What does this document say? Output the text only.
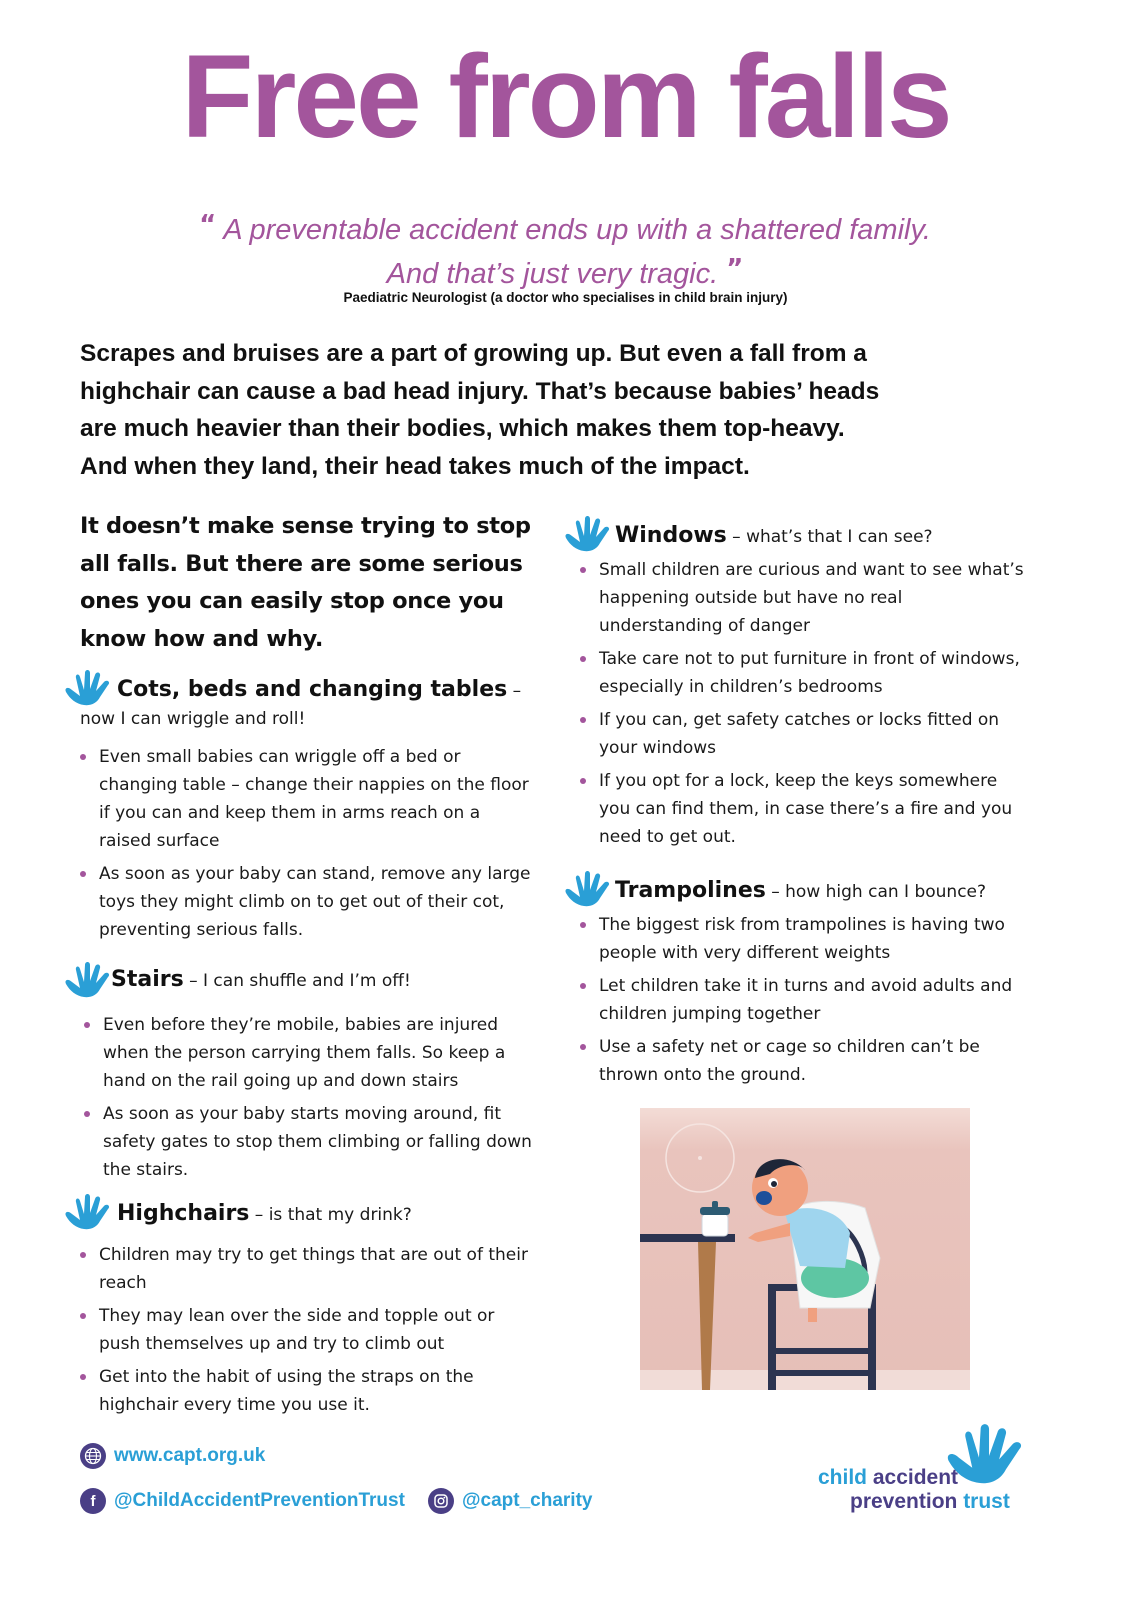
Free from falls
“ A preventable accident ends up with a shattered family.
And that’s just very tragic. ”
Paediatric Neurologist (a doctor who specialises in child brain injury)
Scrapes and bruises are a part of growing up. But even a fall from a
highchair can cause a bad head injury. That’s because babies’ heads
are much heavier than their bodies, which makes them top-heavy.
And when they land, their head takes much of the impact.
It doesn’t make sense trying to stop
all falls. But there are some serious
ones you can easily stop once you
know how and why.
Cots, beds and changing tables –
now I can wriggle and roll!
Even small babies can wriggle off a bed or changing table – change their nappies on the floor if you can and keep them in arms reach on a raised surface
As soon as your baby can stand, remove any large toys they might climb on to get out of their cot, preventing serious falls.
Stairs – I can shuffle and I’m off!
Even before they’re mobile, babies are injured when the person carrying them falls. So keep a hand on the rail going up and down stairs
As soon as your baby starts moving around, fit safety gates to stop them climbing or falling down the stairs.
Highchairs – is that my drink?
Children may try to get things that are out of their reach
They may lean over the side and topple out or push themselves up and try to climb out
Get into the habit of using the straps on the highchair every time you use it.
Windows – what’s that I can see?
Small children are curious and want to see what’s happening outside but have no real understanding of danger
Take care not to put furniture in front of windows, especially in children’s bedrooms
If you can, get safety catches or locks fitted on your windows
If you opt for a lock, keep the keys somewhere you can find them, in case there’s a fire and you need to get out.
Trampolines – how high can I bounce?
The biggest risk from trampolines is having two people with very different weights
Let children take it in turns and avoid adults and children jumping together
Use a safety net or cage so children can’t be thrown onto the ground.
www.capt.org.uk
f @ChildAccidentPreventionTrust	@capt_charity
child accident
prevention trust
